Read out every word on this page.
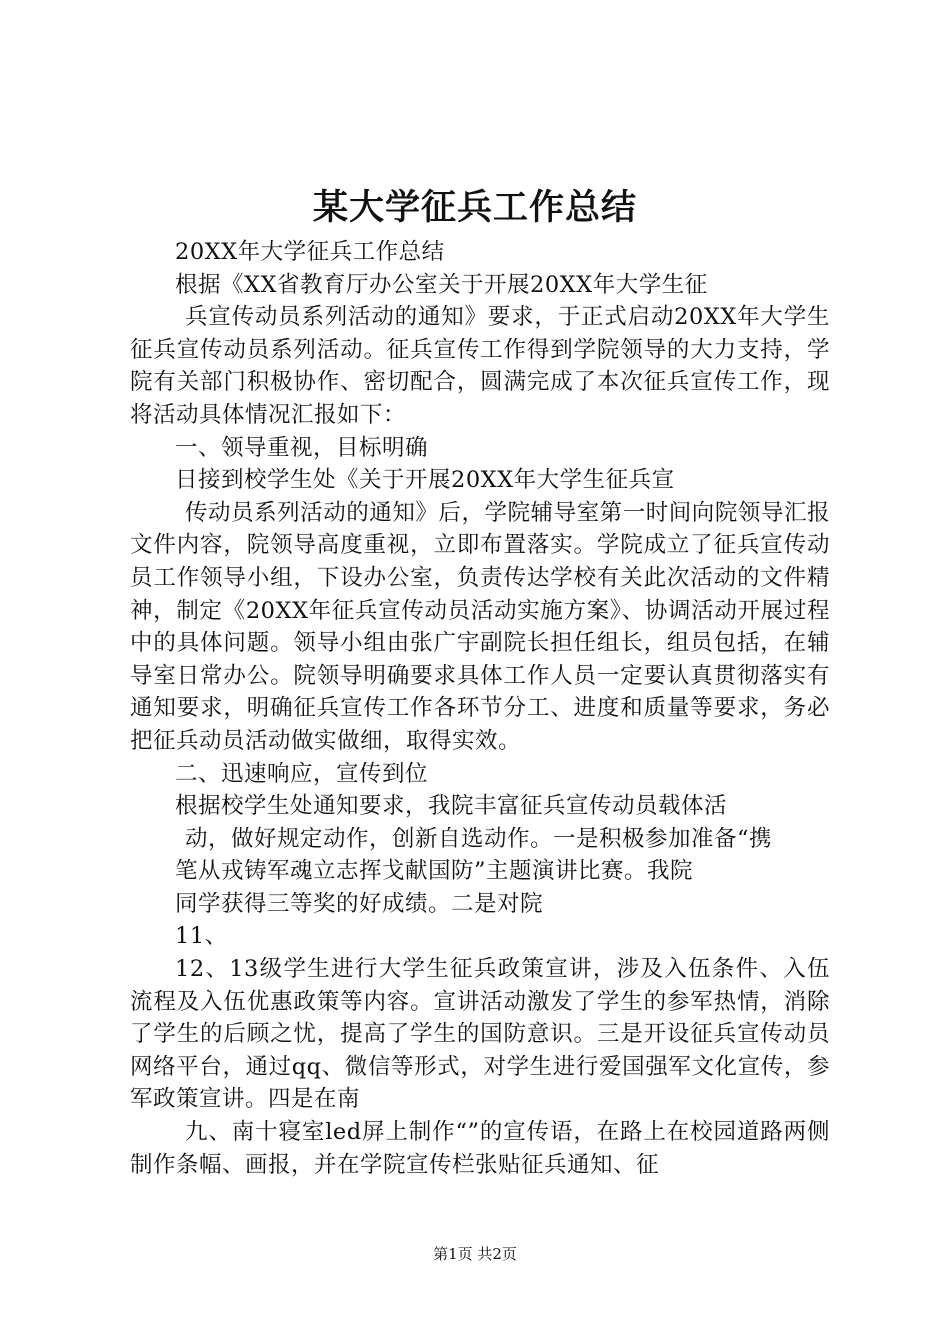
某大学征兵工作总结

20XX年大学征兵工作总结

根据《XX省教育厅办公室关于开展20XX年大学生征

兵宣传动员系列活动的通知》要求，于正式启动20XX年大学生征兵宣传动员系列活动。征兵宣传工作得到学院领导的大力支持，学院有关部门积极协作、密切配合，圆满完成了本次征兵宣传工作，现将活动具体情况汇报如下：

一、领导重视，目标明确

日接到校学生处《关于开展20XX年大学生征兵宣

传动员系列活动的通知》后，学院辅导室第一时间向院领导汇报文件内容，院领导高度重视，立即布置落实。学院成立了征兵宣传动员工作领导小组，下设办公室，负责传达学校有关此次活动的文件精神，制定《20XX年征兵宣传动员活动实施方案》、协调活动开展过程中的具体问题。领导小组由张广宇副院长担任组长，组员包括，在辅导室日常办公。院领导明确要求具体工作人员一定要认真贯彻落实有通知要求，明确征兵宣传工作各环节分工、进度和质量等要求，务必把征兵动员活动做实做细，取得实效。

二、迅速响应，宣传到位

根据校学生处通知要求，我院丰富征兵宣传动员载体活

动，做好规定动作，创新自选动作。一是积极参加准备“携

笔从戎铸军魂立志挥戈献国防”主题演讲比赛。我院

同学获得三等奖的好成绩。二是对院

11、

12、13级学生进行大学生征兵政策宣讲，涉及入伍条件、入伍流程及入伍优惠政策等内容。宣讲活动激发了学生的参军热情，消除了学生的后顾之忧，提高了学生的国防意识。三是开设征兵宣传动员网络平台，通过qq、微信等形式，对学生进行爱国强军文化宣传，参军政策宣讲。四是在南

九、南十寝室led屏上制作“”的宣传语，在路上在校园道路两侧制作条幅、画报，并在学院宣传栏张贴征兵通知、征

第1页 共2页
